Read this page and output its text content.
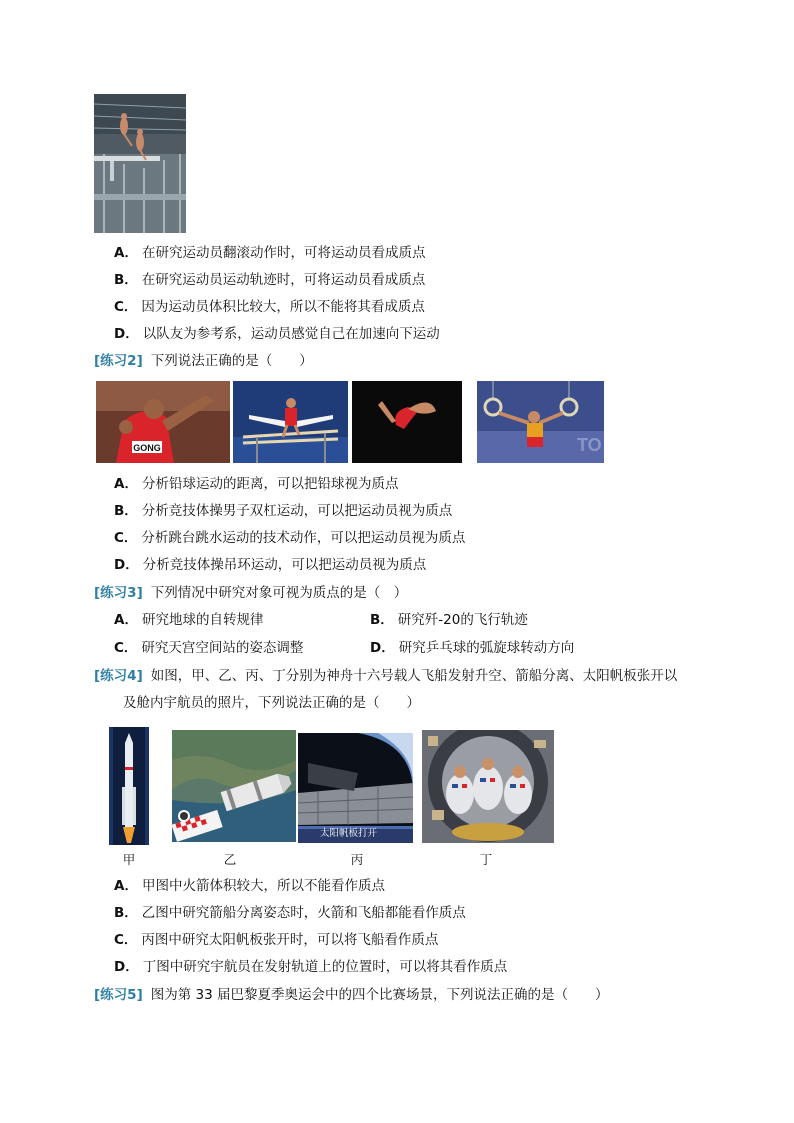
A． 在研究运动员翻滚动作时，可将运动员看成质点
B． 在研究运动员运动轨迹时，可将运动员看成质点
C． 因为运动员体积比较大，所以不能将其看成质点
D． 以队友为参考系，运动员感觉自己在加速向下运动
[练习2] 下列说法正确的是（　　）
GONG	TO
A． 分析铅球运动的距离，可以把铅球视为质点
B． 分析竞技体操男子双杠运动，可以把运动员视为质点
C． 分析跳台跳水运动的技术动作，可以把运动员视为质点
D． 分析竞技体操吊环运动，可以把运动员视为质点
[练习3] 下列情况中研究对象可视为质点的是（　）
A． 研究地球的自转规律	B． 研究歼-20的飞行轨迹
C． 研究天宫空间站的姿态调整	D． 研究乒乓球的弧旋球转动方向
[练习4] 如图，甲、乙、丙、丁分别为神舟十六号载人飞船发射升空、箭船分离、太阳帆板张开以
及舱内宇航员的照片，下列说法正确的是（　　）
太阳帆板打开
甲	乙	丙	丁
A． 甲图中火箭体积较大，所以不能看作质点
B． 乙图中研究箭船分离姿态时，火箭和飞船都能看作质点
C． 丙图中研究太阳帆板张开时，可以将飞船看作质点
D． 丁图中研究宇航员在发射轨道上的位置时，可以将其看作质点
[练习5] 图为第 33 届巴黎夏季奥运会中的四个比赛场景，下列说法正确的是（　　）
